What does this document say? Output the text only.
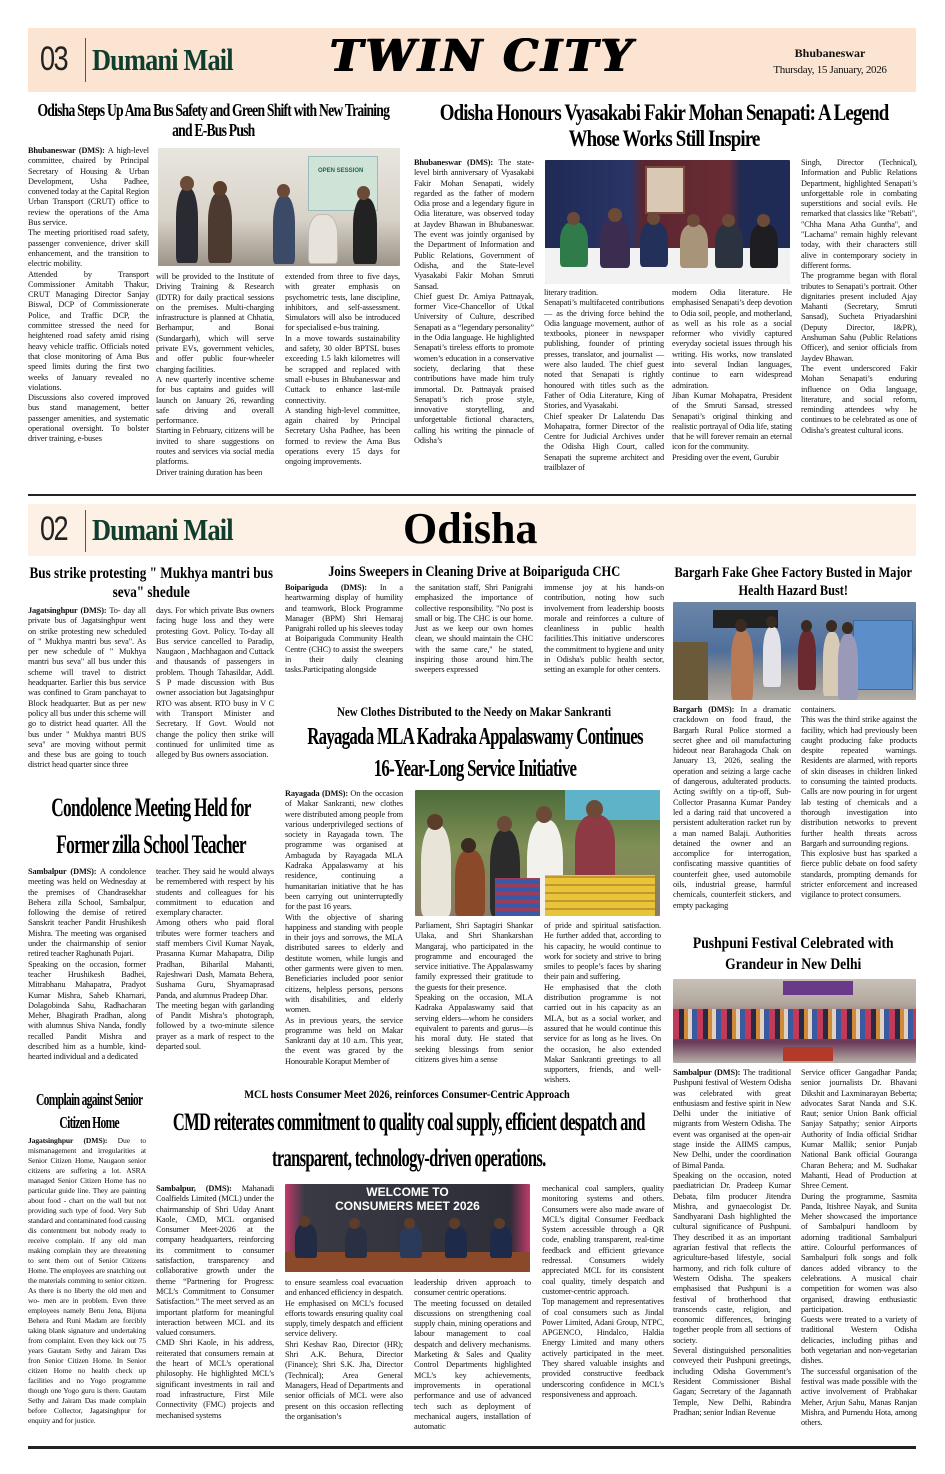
03 Dumani Mail TWIN CITY	Bhubaneswar
Thursday, 15 January, 2026
Odisha Steps Up Ama Bus Safety and Green Shift with New Training and E-Bus Push

Bhubaneswar (DMS): A high-level committee, chaired by Principal Secretary of Housing & Urban Development, Usha Padhee, convened today at the Capital Region Urban Transport (CRUT) office to review the operations of the Ama Bus service.

The meeting prioritised road safety, passenger convenience, driver skill enhancement, and the transition to electric mobility.

Attended by Transport Commissioner Amitabh Thakur, CRUT Managing Director Sanjay Biswal, DCP of Commissionerate Police, and Traffic DCP, the committee stressed the need for heightened road safety amid rising heavy vehicle traffic. Officials noted that close monitoring of Ama Bus speed limits during the first two weeks of January revealed no violations.

Discussions also covered improved bus stand management, better passenger amenities, and systematic operational oversight. To bolster driver training, e-buses

OPEN SESSION

will be provided to the Institute of Driving Training & Research (IDTR) for daily practical sessions on the premises. Multi-charging infrastructure is planned at Chhatia, Berhampur, and Bonai (Sundargarh), which will serve private EVs, government vehicles, and offer public four-wheeler charging facilities.

A new quarterly incentive scheme for bus captains and guides will launch on January 26, rewarding safe driving and overall performance.

Starting in February, citizens will be invited to share suggestions on routes and services via social media platforms.

Driver training duration has been

extended from three to five days, with greater emphasis on psychometric tests, lane discipline, inhibitors, and self-assessment. Simulators will also be introduced for specialised e-bus training.

In a move towards sustainability and safety, 30 older BPTSL buses exceeding 1.5 lakh kilometres will be scrapped and replaced with small e-buses in Bhubaneswar and Cuttack to enhance last-mile connectivity.

A standing high-level committee, again chaired by Principal Secretary Usha Padhee, has been formed to review the Ama Bus operations every 15 days for ongoing improvements.

Odisha Honours Vyasakabi Fakir Mohan Senapati: A Legend Whose Works Still Inspire

Bhubaneswar (DMS): The state-level birth anniversary of Vyasakabi Fakir Mohan Senapati, widely regarded as the father of modern Odia prose and a legendary figure in Odia literature, was observed today at Jaydev Bhawan in Bhubaneswar. The event was jointly organised by the Department of Information and Public Relations, Government of Odisha, and the State-level Vyasakabi Fakir Mohan Smruti Sansad.

Chief guest Dr. Amiya Pattnayak, former Vice-Chancellor of Utkal University of Culture, described Senapati as a “legendary personality” in the Odia language. He highlighted Senapati’s tireless efforts to promote women’s education in a conservative society, declaring that these contributions have made him truly immortal. Dr. Pattnayak praised Senapati’s rich prose style, innovative storytelling, and unforgettable fictional characters, calling his writing the pinnacle of Odisha’s

literary tradition.

Senapati’s multifaceted contributions — as the driving force behind the Odia language movement, author of textbooks, pioneer in newspaper publishing, founder of printing presses, translator, and journalist — were also lauded. The chief guest noted that Senapati is rightly honoured with titles such as the Father of Odia Literature, King of Stories, and Vyasakabi.

Chief speaker Dr Lalatendu Das Mohapatra, former Director of the Centre for Judicial Archives under the Odisha High Court, called Senapati the supreme architect and trailblazer of

modern Odia literature. He emphasised Senapati’s deep devotion to Odia soil, people, and motherland, as well as his role as a social reformer who vividly captured everyday societal issues through his writing. His works, now translated into several Indian languages, continue to earn widespread admiration.

Jiban Kumar Mohapatra, President of the Smruti Sansad, stressed Senapati’s original thinking and realistic portrayal of Odia life, stating that he will forever remain an eternal icon for the community.

Presiding over the event, Gurubir

Singh, Director (Technical), Information and Public Relations Department, highlighted Senapati’s unforgettable role in combating superstitions and social evils. He remarked that classics like "Rebati", "Chha Mana Atha Guntha", and "Lachama" remain highly relevant today, with their characters still alive in contemporary society in different forms.

The programme began with floral tributes to Senapati’s portrait. Other dignitaries present included Ajay Mahanti (Secretary, Smruti Sansad), Sucheta Priyadarshini (Deputy Director, I&PR), Anshuman Sahu (Public Relations Officer), and senior officials from Jaydev Bhawan.

The event underscored Fakir Mohan Senapati’s enduring influence on Odia language, literature, and social reform, reminding attendees why he continues to be celebrated as one of Odisha’s greatest cultural icons.

02 Dumani Mail	Odisha
Bus strike protesting " Mukhya mantri bus seva" shedule

Jagatsinghpur (DMS): To- day all private bus of Jagatsinghpur went on strike protesting new scheduled of " Mukhya mantri bus seva". As per new schedule of " Mukhya mantri bus seva" all bus under this scheme will travel to district headquarter. Earlier this bus service was confined to Gram panchayat to Block headquarter. But as per new policy all bus under this scheme will go to district head quarter. All the bus under " Mukhya mantri BUS seva" are moving without permit and these bus are going to touch district head quarter since three

days. For which private Bus owners facing huge loss and they were protesting Govt. Policy. To-day all Bus service cancelled to Paradip, Naugaon , Machhagaon and Cuttack and thausands of passengers in problem. Though Tahasildar, Addl. S P made discussion with Bus owner association but Jagatsinghpur RTO was absent. RTO busy in V C with Transport Minister and Secretary. If Govt. Would not change the policy then strike will continued for unlimited time as alleged by Bus owners association.

Joins Sweepers in Cleaning Drive at Boipariguda CHC

Boipariguda (DMS): In a heartwarming display of humility and teamwork, Block Programme Manager (BPM) Shri Hemaraj Panigrahi rolled up his sleeves today at Boipariguda Community Health Centre (CHC) to assist the sweepers in their daily cleaning tasks.Participating alongside

the sanitation staff, Shri Panigrahi emphasized the importance of collective responsibility. "No post is small or big. The CHC is our home. Just as we keep our own homes clean, we should maintain the CHC with the same care," he stated, inspiring those around him.The sweepers expressed

immense joy at his hands-on contribution, noting how such involvement from leadership boosts morale and reinforces a culture of cleanliness in public health facilities.This initiative underscores the commitment to hygiene and unity in Odisha's public health sector, setting an example for other centers.

New Clothes Distributed to the Needy on Makar Sankranti
Rayagada MLA Kadraka Appalaswamy Continues 16-Year-Long Service Initiative

Rayagada (DMS): On the occasion of Makar Sankranti, new clothes were distributed among people from various underprivileged sections of society in Rayagada town. The programme was organised at Ambaguda by Rayagada MLA Kadraka Appalaswamy at his residence, continuing a humanitarian initiative that he has been carrying out uninterruptedly for the past 16 years.

With the objective of sharing happiness and standing with people in their joys and sorrows, the MLA distributed sarees to elderly and destitute women, while lungis and other garments were given to men. Beneficiaries included poor senior citizens, helpless persons, persons with disabilities, and elderly women.

As in previous years, the service programme was held on Makar Sankranti day at 10 a.m. This year, the event was graced by the Honourable Koraput Member of

Parliament, Shri Saptagiri Shankar Ulaka, and Shri Shankarshan Mangaraj, who participated in the programme and encouraged the service initiative. The Appalaswamy family expressed their gratitude to the guests for their presence.

Speaking on the occasion, MLA Kadraka Appalaswamy said that serving elders—whom he considers equivalent to parents and gurus—is his moral duty. He stated that seeking blessings from senior citizens gives him a sense

of pride and spiritual satisfaction. He further added that, according to his capacity, he would continue to work for society and strive to bring smiles to people’s faces by sharing their pain and suffering.

He emphasised that the cloth distribution programme is not carried out in his capacity as an MLA, but as a social worker, and assured that he would continue this service for as long as he lives. On the occasion, he also extended Makar Sankranti greetings to all supporters, friends, and well-wishers.

Condolence Meeting Held for Former zilla School Teacher

Sambalpur (DMS): A condolence meeting was held on Wednesday at the premises of Chandrasekhar Behera zilla School, Sambalpur, following the demise of retired Sanskrit teacher Pandit Hrushikesh Mishra. The meeting was organised under the chairmanship of senior retired teacher Raghunath Pujari.

Speaking on the occasion, former teacher Hrushikesh Badhei, Mitrabhanu Mahapatra, Pradyot Kumar Mishra, Saheb Kharnari, Dolagobinda Sahu, Radhacharan Meher, Bhagirath Pradhan, along with alumnus Shiva Nanda, fondly recalled Pandit Mishra and described him as a humble, kind-hearted individual and a dedicated

teacher. They said he would always be remembered with respect by his students and colleagues for his commitment to education and exemplary character.

Among others who paid floral tributes were former teachers and staff members Civil Kumar Nayak, Prasanna Kumar Mahapatra, Dilip Pradhan, Biharilal Mahanti, Rajeshwari Dash, Mamata Behera, Sushama Guru, Shyamaprasad Panda, and alumnus Pradeep Dhar.

The meeting began with garlanding of Pandit Mishra’s photograph, followed by a two-minute silence prayer as a mark of respect to the departed soul.

Bargarh Fake Ghee Factory Busted in Major Health Hazard Bust!

Bargarh (DMS): In a dramatic crackdown on food fraud, the Bargarh Rural Police stormed a secret ghee and oil manufacturing hideout near Barahagoda Chak on January 13, 2026, sealing the operation and seizing a large cache of dangerous, adulterated products. Acting swiftly on a tip-off, Sub-Collector Prasanna Kumar Pandey led a daring raid that uncovered a persistent adulteration racket run by a man named Balaji. Authorities detained the owner and an accomplice for interrogation, confiscating massive quantities of counterfeit ghee, used automobile oils, industrial grease, harmful chemicals, counterfeit stickers, and empty packaging

containers.

This was the third strike against the facility, which had previously been caught producing fake products despite repeated warnings. Residents are alarmed, with reports of skin diseases in children linked to consuming the tainted products. Calls are now pouring in for urgent lab testing of chemicals and a thorough investigation into distribution networks to prevent further health threats across Bargarh and surrounding regions.

This explosive bust has sparked a fierce public debate on food safety standards, prompting demands for stricter enforcement and increased vigilance to protect consumers.

Pushpuni Festival Celebrated with Grandeur in New Delhi

Sambalpur (DMS): The traditional Pushpuni festival of Western Odisha was celebrated with great enthusiasm and festive spirit in New Delhi under the initiative of migrants from Western Odisha. The event was organised at the open-air stage inside the AIIMS campus, New Delhi, under the coordination of Bimal Panda.

Speaking on the occasion, noted paediatrician Dr. Pradeep Kumar Debata, film producer Jitendra Mishra, and gynaecologist Dr. Sandhyarani Dash highlighted the cultural significance of Pushpuni. They described it as an important agrarian festival that reflects the agriculture-based lifestyle, social harmony, and rich folk culture of Western Odisha. The speakers emphasised that Pushpuni is a festival of brotherhood that transcends caste, religion, and economic differences, bringing together people from all sections of society.

Several distinguished personalities conveyed their Pushpuni greetings, including Odisha Government’s Resident Commissioner Bishal Gagan; Secretary of the Jagannath Temple, New Delhi, Rabindra Pradhan; senior Indian Revenue

Service officer Gangadhar Panda; senior journalists Dr. Bhavani Dikshit and Laxminarayan Beberta; advocates Sarat Nanda and S.K. Raut; senior Union Bank official Sanjay Satpathy; senior Airports Authority of India official Sridhar Kumar Mallik; senior Punjab National Bank official Gouranga Charan Behera; and M. Sudhakar Mahanti, Head of Production at Shree Cement.

During the programme, Sasmita Panda, Itishree Nayak, and Sunita Meher showcased the importance of Sambalpuri handloom by adorning traditional Sambalpuri attire. Colourful performances of Sambalpuri folk songs and folk dances added vibrancy to the celebrations. A musical chair competition for women was also organised, drawing enthusiastic participation.

Guests were treated to a variety of traditional Western Odisha delicacies, including pithas and both vegetarian and non-vegetarian dishes.

The successful organisation of the festival was made possible with the active involvement of Prabhakar Meher, Arjun Sahu, Manas Ranjan Mishra, and Purnendu Hota, among others.

Complain against Senior Citizen Home

Jagatsinghpur (DMS): Due to mismanagement and irregularities at Senior Citizen Home, Naugaon senior citizens are suffering a lot. ASRA managed Senior Citizen Home has no particular guide line. They are painting about food - chart on the wall but not providing such type of food. Very Sub standard and contaminated food causing dis contentment but nobody ready to receive complain. If any old man making complain they are threatening to sent them out of Senior Citizens Home. The employees are snatching out the materials comming to senior citizen. As there is no liberty the old men and wo- men are in problem. Even three employees namely Benu Jena, Bijuna Behera and Runi Madam are forcibly taking blank signature and undertaking from complaint. Even they kick out 75 years Gautam Sethy and Jairam Das fron Senior Citizen Home. In Senior citizen Home no health check up facilities and no Yogo programme though one Yogo guru is there. Gautam Sethy and Jairam Das made complain before Collector, Jagatsinghpur for enquiry and for justice.

MCL hosts Consumer Meet 2026, reinforces Consumer-Centric Approach
CMD reiterates commitment to quality coal supply, efficient despatch and transparent, technology-driven operations.

Sambalpur, (DMS): Mahanadi Coalfields Limited (MCL) under the chairmanship of Shri Uday Anant Kaole, CMD, MCL organised Consumer Meet-2026 at the company headquarters, reinforcing its commitment to consumer satisfaction, transparency and collaborative growth under the theme “Partnering for Progress: MCL’s Commitment to Consumer Satisfaction.” The meet served as an important platform for meaningful interaction between MCL and its valued consumers.

CMD Shri Kaole, in his address, reiterated that consumers remain at the heart of MCL’s operational philosophy. He highlighted MCL’s significant investments in rail and road infrastructure, First Mile Connectivity (FMC) projects and mechanised systems

WELCOME TO
CONSUMERS MEET 2026

to ensure seamless coal evacuation and enhanced efficiency in despatch. He emphasised on MCL’s focused efforts towards ensuring quality coal supply, timely despatch and efficient service delivery.

Shri Keshav Rao, Director (HR); Shri A.K. Behura, Director (Finance); Shri S.K. Jha, Director (Technical); Area General Managers, Head of Departments and senior officials of MCL were also present on this occasion reflecting the organisation’s

leadership driven approach to consumer centric operations.

The meeting focussed on detailed discussions on strengthening coal supply chain, mining operations and labour management to coal despatch and delivery mechanisms. Marketing & Sales and Quality Control Departments highlighted MCL’s key achievements, improvements in operational performance and use of advanced tech such as deployment of mechanical augers, installation of automatic

mechanical coal samplers, quality monitoring systems and others. Consumers were also made aware of MCL’s digital Consumer Feedback System accessible through a QR code, enabling transparent, real-time feedback and efficient grievance redressal. Consumers widely appreciated MCL for its consistent coal quality, timely despatch and customer-centric approach.

Top management and representatives of coal consumers such as Jindal Power Limited, Adani Group, NTPC, APGENCO, Hindalco, Haldia Energy Limited and many others actively participated in the meet. They shared valuable insights and provided constructive feedback underscoring confidence in MCL’s responsiveness and approach.
